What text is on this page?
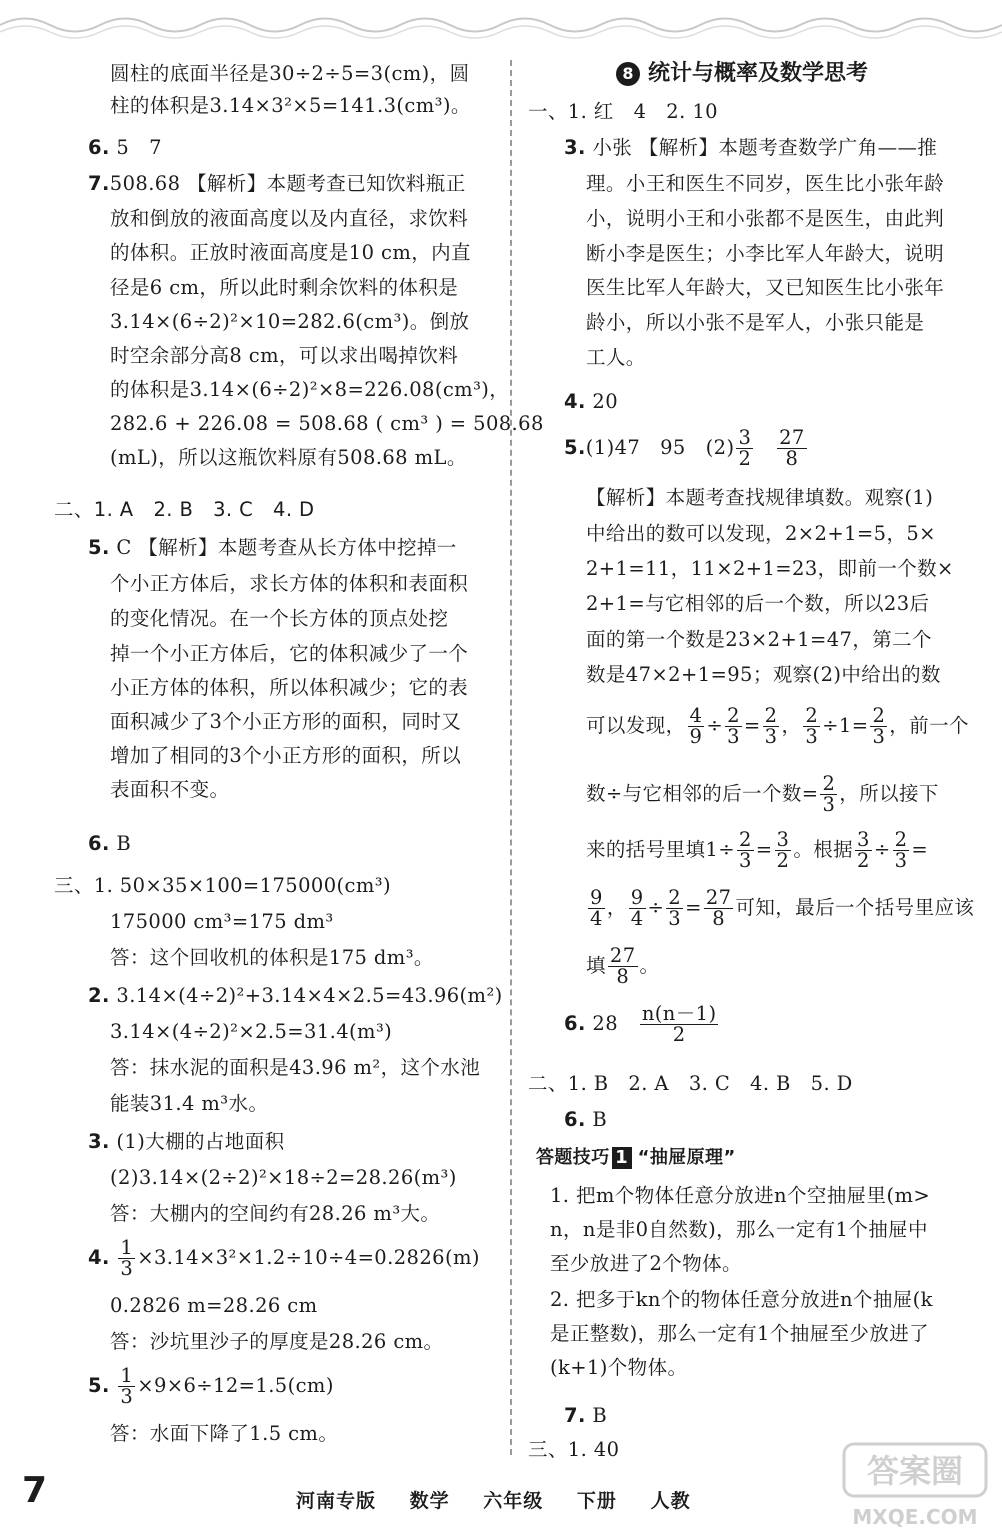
圆柱的底面半径是30÷2÷5=3(cm)，圆
柱的体积是3.14×3²×5=141.3(cm³)。
6. 5　7
7.508.68 【解析】本题考查已知饮料瓶正
放和倒放的液面高度以及内直径，求饮料
的体积。正放时液面高度是10 cm，内直
径是6 cm，所以此时剩余饮料的体积是
3.14×(6÷2)²×10=282.6(cm³)。倒放
时空余部分高8 cm，可以求出喝掉饮料
的体积是3.14×(6÷2)²×8=226.08(cm³)，
282.6 + 226.08 = 508.68 ( cm³ ) = 508.68
(mL)，所以这瓶饮料原有508.68 mL。
二、1. A　2. B　3. C　4. D
5. C 【解析】本题考查从长方体中挖掉一
个小正方体后，求长方体的体积和表面积
的变化情况。在一个长方体的顶点处挖
掉一个小正方体后，它的体积减少了一个
小正方体的体积，所以体积减少；它的表
面积减少了3个小正方形的面积，同时又
增加了相同的3个小正方形的面积，所以
表面积不变。
6. B
三、1. 50×35×100=175000(cm³)
175000 cm³=175 dm³
答：这个回收机的体积是175 dm³。
2. 3.14×(4÷2)²+3.14×4×2.5=43.96(m²)
3.14×(4÷2)²×2.5=31.4(m³)
答：抹水泥的面积是43.96 m²，这个水池
能装31.4 m³水。
3. (1)大棚的占地面积
(2)3.14×(2÷2)²×18÷2=28.26(m³)
答：大棚内的空间约有28.26 m³大。
4. $\frac{1}{3} \times 3.14\times 3^2\times 1.2\div 10\div 4=0.2826(m)$
0.2826 m=28.26 cm
答：沙坑里沙子的厚度是28.26 cm。
5. $\frac{1}{3} \times 9\times 6\div 12=1.5(cm)$
答：水面下降了1.5 cm。
8 统计与概率及数学思考
一、1. 红　4　2. 10
3. 小张 【解析】本题考查数学广角——推
理。小王和医生不同岁，医生比小张年龄
小，说明小王和小张都不是医生，由此判
断小李是医生；小李比军人年龄大，说明
医生比军人年龄大，又已知医生比小张年
龄小，所以小张不是军人，小张只能是
工人。
4. 20
5.(1)47　95　$(2) \frac{3}{2}$
$\frac{27}{8}$
【解析】本题考查找规律填数。观察(1)
中给出的数可以发现，2×2+1=5，5×
2+1=11，11×2+1=23，即前一个数×
2+1=与它相邻的后一个数，所以23后
面的第一个数是23×2+1=47，第二个
数是47×2+1=95；观察(2)中给出的数
可以发现， $\frac{4}{9} \div \frac{2}{3} = \frac{2}{3}$ ， $\frac{2}{3} \div 1= \frac{2}{3}$ ，前一个
数÷与它相邻的后一个数= $\frac{2}{3}$ ，所以接下
来的括号里填$1\div \frac{2}{3} = \frac{3}{2}$ 。根据 $\frac{3}{2} \div \frac{2}{3}$ =
$\frac{9}{4}$ ， $\frac{9}{4} \div \frac{2}{3} = \frac{27}{8}$ 可知，最后一个括号里应该
填 $\frac{27}{8}$ 。
6. $28 \frac{n(n-1)}{2}$
二、1. B　2. A　3. C　4. B　5. D
6. B
答题技巧 1 “抽屉原理”
1. 把m个物体任意分放进n个空抽屉里(m>
n，n是非0自然数)，那么一定有1个抽屉中
至少放进了2个物体。
2. 把多于kn个的物体任意分放进n个抽屉(k
是正整数)，那么一定有1个抽屉至少放进了
(k+1)个物体。
7. B
三、1. 40
7	河南专版 数学 六年级 下册 人教
答案圈
MXQE.COM
